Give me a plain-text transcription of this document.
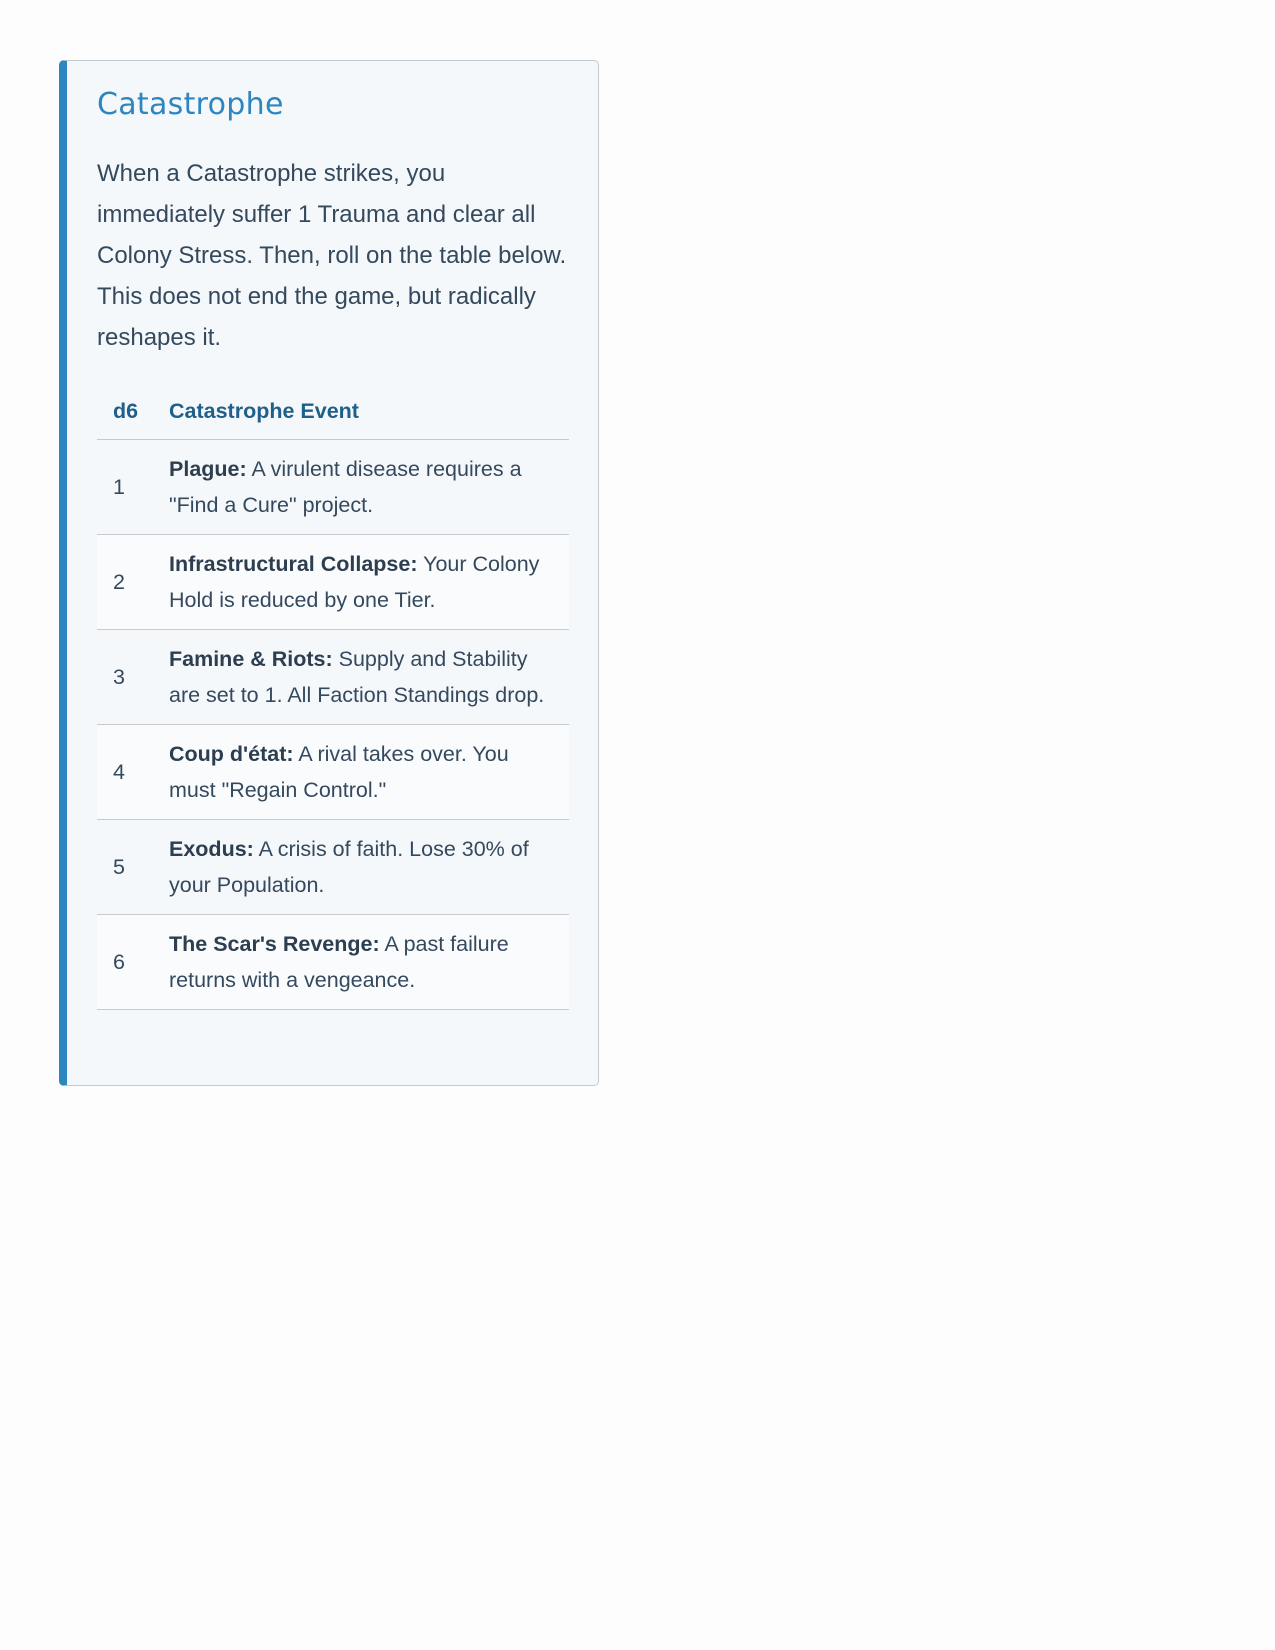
Catastrophe

When a Catastrophe strikes, you immediately suffer 1 Trauma and clear all Colony Stress. Then, roll on the table below. This does not end the game, but radically reshapes it.

d6	Catastrophe Event
1	Plague: A virulent disease requires a "Find a Cure" project.
2	Infrastructural Collapse: Your Colony Hold is reduced by one Tier.
3	Famine & Riots: Supply and Stability are set to 1. All Faction Standings drop.
4	Coup d'état: A rival takes over. You must "Regain Control."
5	Exodus: A crisis of faith. Lose 30% of your Population.
6	The Scar's Revenge: A past failure returns with a vengeance.
